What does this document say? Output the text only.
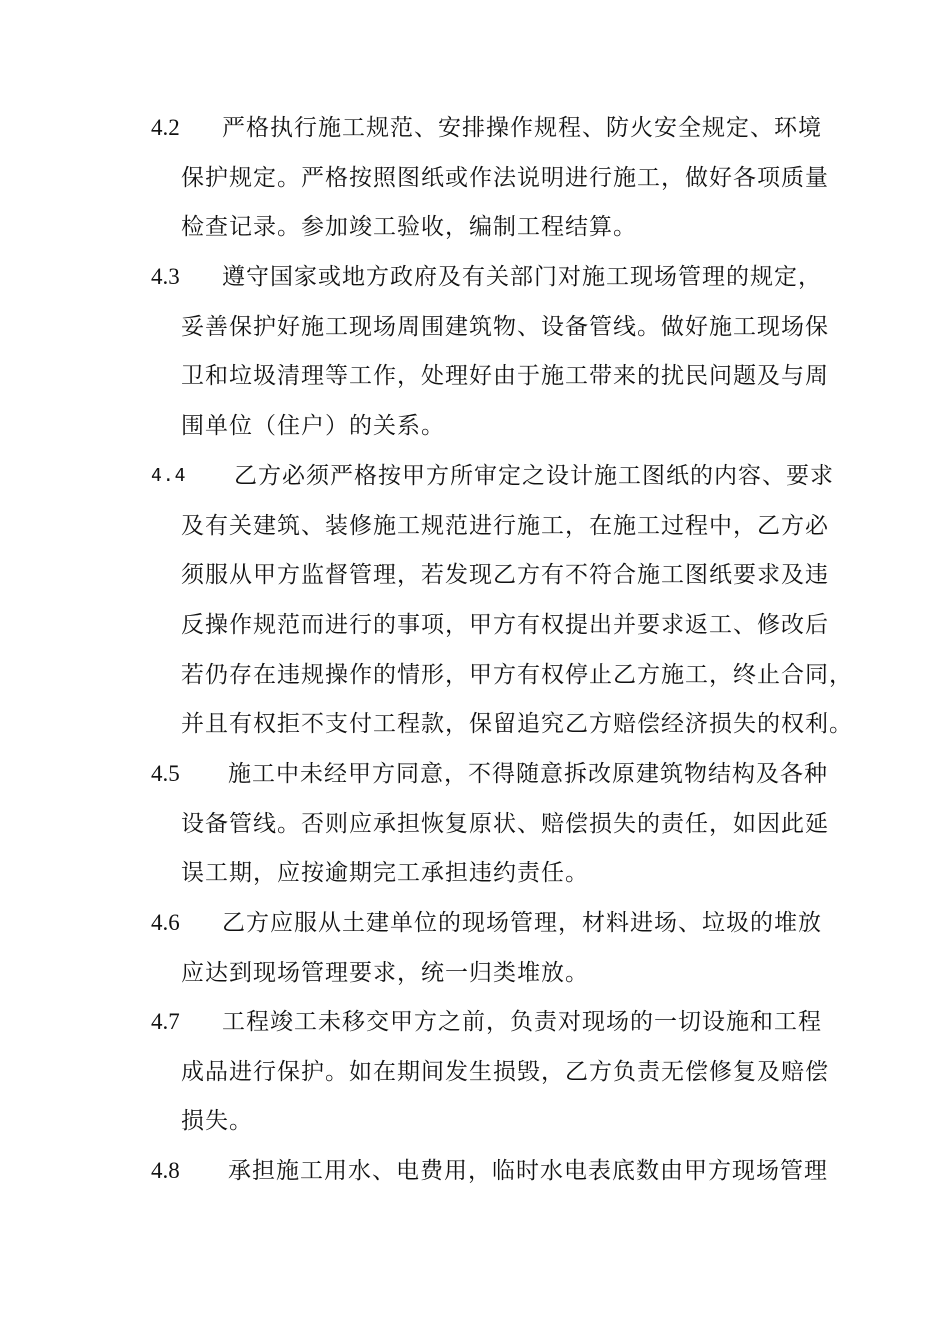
4.2 严格执行施工规范、安排操作规程、防火安全规定、环境
保护规定。严格按照图纸或作法说明进行施工，做好各项质量
检查记录。参加竣工验收，编制工程结算。
4.3 遵守国家或地方政府及有关部门对施工现场管理的规定，
妥善保护好施工现场周围建筑物、设备管线。做好施工现场保
卫和垃圾清理等工作，处理好由于施工带来的扰民问题及与周
围单位（住户）的关系。
4.4 乙方必须严格按甲方所审定之设计施工图纸的内容、要求
及有关建筑、装修施工规范进行施工，在施工过程中，乙方必
须服从甲方监督管理，若发现乙方有不符合施工图纸要求及违
反操作规范而进行的事项，甲方有权提出并要求返工、修改后
若仍存在违规操作的情形，甲方有权停止乙方施工，终止合同，
并且有权拒不支付工程款，保留追究乙方赔偿经济损失的权利。
4.5 施工中未经甲方同意，不得随意拆改原建筑物结构及各种
设备管线。否则应承担恢复原状、赔偿损失的责任，如因此延
误工期，应按逾期完工承担违约责任。
4.6 乙方应服从土建单位的现场管理，材料进场、垃圾的堆放
应达到现场管理要求，统一归类堆放。
4.7 工程竣工未移交甲方之前，负责对现场的一切设施和工程
成品进行保护。如在期间发生损毁，乙方负责无偿修复及赔偿
损失。
4.8 承担施工用水、电费用，临时水电表底数由甲方现场管理
